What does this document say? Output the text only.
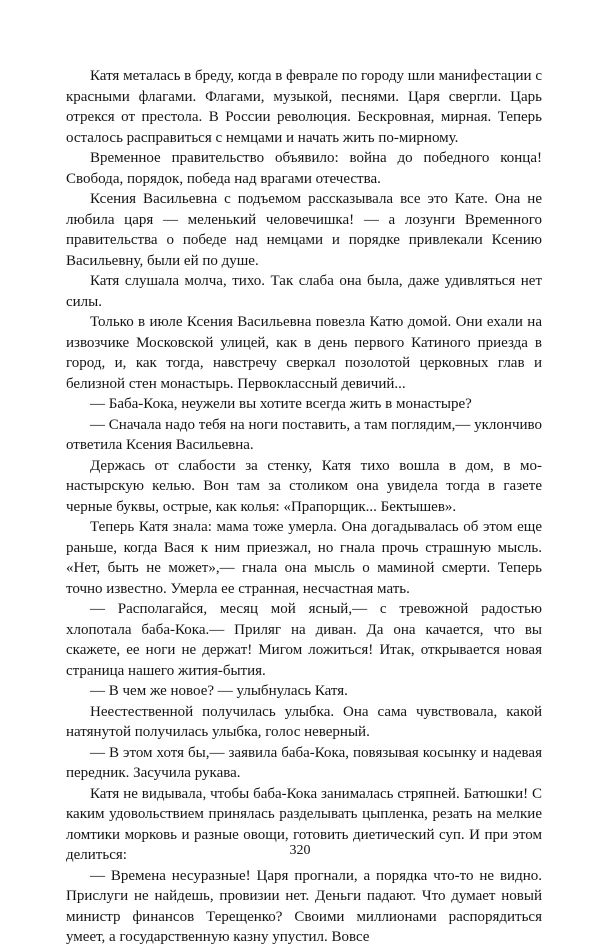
Катя металась в бреду, когда в феврале по городу шли манифестации с красными флагами. Флагами, музыкой, песнями. Царя свергли. Царь отрекся от престола. В России революция. Бескровная, мирная. Теперь осталось расправиться с немцами и начать жить по-мирному.

Временное правительство объявило: война до победного конца! Свобода, порядок, победа над врагами отечества.

Ксения Васильевна с подъемом рассказывала все это Кате. Она не любила царя — меленький человечишка! — а лозунги Временного правительства о победе над немцами и порядке привлекали Ксению Васильевну, были ей по душе.

Катя слушала молча, тихо. Так слаба она была, даже удивляться нет силы.

Только в июле Ксения Васильевна повезла Катю домой. Они ехали на извозчике Московской улицей, как в день первого Катиного приезда в город, и, как тогда, навстречу сверкал позолотой церковных глав и белизной стен монастырь. Первоклассный девичий...

— Баба-Кока, неужели вы хотите всегда жить в монастыре?

— Сначала надо тебя на ноги поставить, а там поглядим,— уклончиво ответила Ксения Васильевна.

Держась от слабости за стенку, Катя тихо вошла в дом, в монастырскую келью. Вон там за столиком она увидела тогда в газете черные буквы, острые, как колья: «Прапорщик... Бектышев».

Теперь Катя знала: мама тоже умерла. Она догадывалась об этом еще раньше, когда Вася к ним приезжал, но гнала прочь страшную мысль. «Нет, быть не может»,— гнала она мысль о маминой смерти. Теперь точно известно. Умерла ее странная, несчастная мать.

— Располагайся, месяц мой ясный,— с тревожной радостью хлопотала баба-Кока.— Приляг на диван. Да она качается, что вы скажете, ее ноги не держат! Мигом ложиться! Итак, открывается новая страница нашего жития-бытия.

— В чем же новое? — улыбнулась Катя.

Неестественной получилась улыбка. Она сама чувствовала, какой натянутой получилась улыбка, голос неверный.

— В этом хотя бы,— заявила баба-Кока, повязывая косынку и надевая передник. Засучила рукава.

Катя не видывала, чтобы баба-Кока занималась стряпней. Батюшки! С каким удовольствием принялась разделывать цыпленка, резать на мелкие ломтики морковь и разные овощи, готовить диетический суп. И при этом делиться:

— Времена несуразные! Царя прогнали, а порядка что-то не видно. Прислуги не найдешь, провизии нет. Деньги падают. Что думает новый министр финансов Терещенко? Своими миллионами распорядиться умеет, а государственную казну упустил. Вовсе

320
